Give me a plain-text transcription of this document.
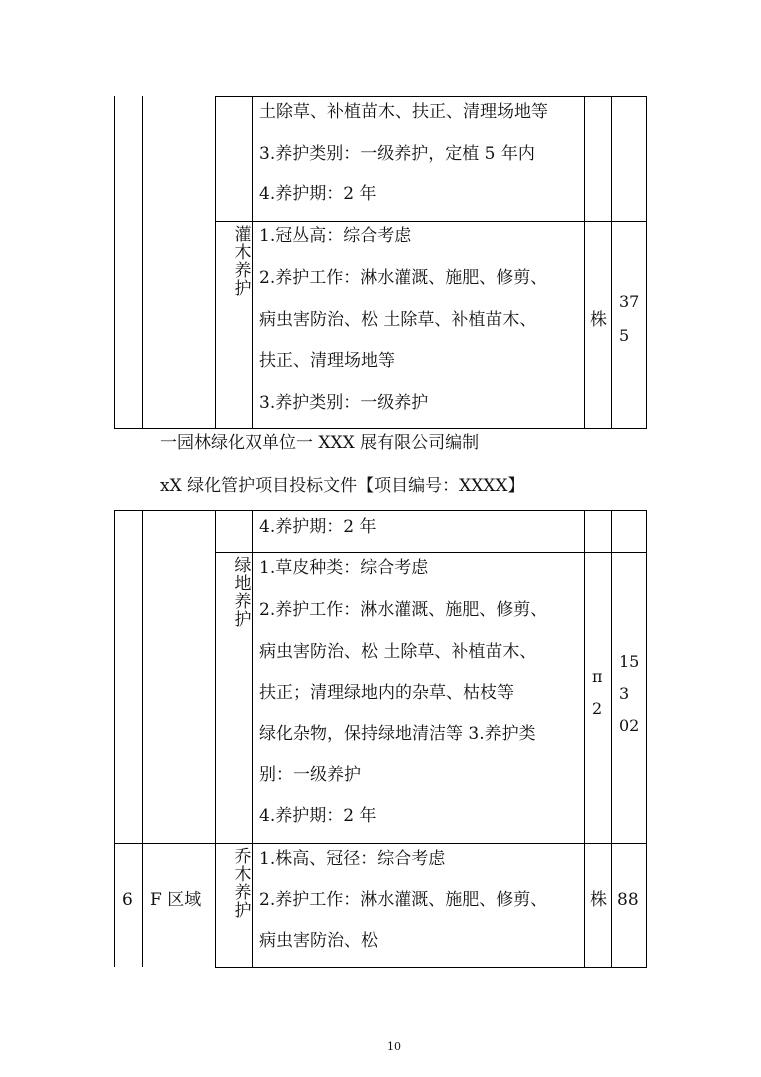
土除草、补植苗木、扶正、清理场地等
3.养护类别：一级养护，定植 5 年内
4.养护期：2 年
灌木养护
1.冠丛高：综合考虑
2.养护工作：淋水灌溉、施肥、修剪、
病虫害防治、松 土除草、补植苗木、
扶正、清理场地等
3.养护类别：一级养护
株
37
5
一园林绿化双单位一 XXX 展有限公司编制
xX 绿化管护项目投标文件【项目编号：XXXX】
4.养护期：2 年
绿地养护
1.草皮种类：综合考虑
2.养护工作：淋水灌溉、施肥、修剪、
病虫害防治、松 土除草、补植苗木、
扶正；清理绿地内的杂草、枯枝等
绿化杂物，保持绿地清洁等 3.养护类
别：一级养护
4.养护期：2 年
π
2
15
3
02
6 F 区域
乔木养护
1.株高、冠径：综合考虑
2.养护工作：淋水灌溉、施肥、修剪、
病虫害防治、松
株 88
10
